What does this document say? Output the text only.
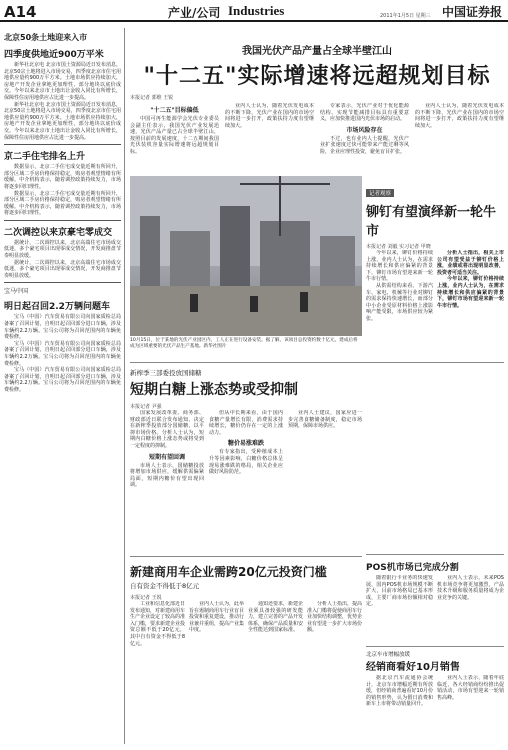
A14	产业/公司 Industries	2011年1月5日 星期三 中国证券报
北京50条土地迎来入市
四季度供地近900万平米

新华社北京电 北京市国土资源局近日发布消息，北京50宗土地将进入市场交易，四季度北京市住宅用地供应量约900万平方米。土地市场供应持续加大，房地产开发企业拿地更加理性，部分地块以底价成交。今年以来北京市土地出让金收入同比有所增长，保障性住房用地供应占比进一步提高。

新华社北京电 北京市国土资源局近日发布消息，北京50宗土地将进入市场交易，四季度北京市住宅用地供应量约900万平方米。土地市场供应持续加大，房地产开发企业拿地更加理性，部分地块以底价成交。今年以来北京市土地出让金收入同比有所增长，保障性住房用地供应占比进一步提高。

京二手住宅排名上升

数据显示，北京二手住宅成交量近期有所回升，部分区域二手房价格保持稳定，购房者观望情绪有所缓解。中介机构表示，随着调控政策持续发力，市场将逐步回归理性。

数据显示，北京二手住宅成交量近期有所回升，部分区域二手房价格保持稳定，购房者观望情绪有所缓解。中介机构表示，随着调控政策持续发力，市场将逐步回归理性。

二次调控以来京豪宅零成交

据统计，二次调控以来，北京高端住宅市场成交低迷，多个豪宅项目出现零成交情况，开发商推盘节奏明显放缓。

据统计，二次调控以来，北京高端住宅市场成交低迷，多个豪宅项目出现零成交情况，开发商推盘节奏明显放缓。

宝马中国
明日起召回2.2万辆问题车

宝马（中国）汽车贸易有限公司向国家质检总局备案了召回计划，自明日起召回部分进口车辆，涉及车辆约2.2万辆。宝马公司将为召回范围内的车辆免费检修。

宝马（中国）汽车贸易有限公司向国家质检总局备案了召回计划，自明日起召回部分进口车辆，涉及车辆约2.2万辆。宝马公司将为召回范围内的车辆免费检修。

宝马（中国）汽车贸易有限公司向国家质检总局备案了召回计划，自明日起召回部分进口车辆，涉及车辆约2.2万辆。宝马公司将为召回范围内的车辆免费检修。

我国光伏产品产量占全球半壁江山
"十二五"实际增速将远超规划目标
本报记者 郭维 王锐
"十二五"目标偏低

中国可再生能源学会光伏专业委员会副主任表示，我国光伏产业发展迅速，光伏产品产量已占全球半壁江山，按照目前的发展速度，十二五期间我国光伏装机容量实际增速将远超规划目标。

业内人士认为，随着光伏发电成本的不断下降，光伏产业在国内的市场空间将进一步打开，政策扶持力度有望继续加大。

专家表示，光伏产业对于优化能源结构、实现节能减排目标具有重要意义，应加快推进国内光伏市场的启动。

市场风险存在

不过，也有业内人士提醒，光伏产业扩张速度过快可能带来产能过剩等风险，企业应理性投资，避免盲目扩张。

业内人士认为，随着光伏发电成本的不断下降，光伏产业在国内的市场空间将进一步打开，政策扶持力度有望继续加大。

10月15日，位于某地的光伏产业园区内，工人正在进行设备安装。据了解，该项目总投资约数十亿元，建成后将成为区域重要的光伏产品生产基地。新华社图片
记者观察
铆钉有望演绎新一轮牛市
本报记者 刘毅 实习记者 甲晓

今年以来，铆钉价格持续上涨，业内人士认为，在需求持续增长和供应偏紧的背景下，铆钉市场有望迎来新一轮牛市行情。

从供需结构来看，下游汽车、家电、机械等行业对铆钉的需求保持快速增长，而部分中小企业受原材料价格上涨影响产能受限，市场供应较为紧张。

分析人士指出，相关上市公司有望受益于铆钉价格上涨，业绩或将出现明显改善，投资者可适当关注。

今年以来，铆钉价格持续上涨，业内人士认为，在需求持续增长和供应偏紧的背景下，铆钉市场有望迎来新一轮牛市行情。

新榨季三部委投放国储糖
短期白糖上涨态势或受抑制
本报记者 尹强

国家发展改革委、商务部、财政部近日联合发布通知，决定在新榨季投放部分国储糖，以平抑市场价格。分析人士认为，短期内白糖价格上涨态势或将受到一定程度的抑制。

短期有望回调

市场人士表示，国储糖投放将增加市场供应，缓解供需偏紧局面，短期内糖价有望出现回调。

但从中长期来看，由于国内食糖产量增长有限，消费需求持续增长，糖价仍存在一定的上涨动力。

糖价易涨难跌

有专家指出，受种植成本上升等因素影响，白糖价格总体呈现易涨难跌的格局，相关企业应做好风险防范。

业内人士建议，国家应进一步完善食糖储备制度，稳定市场预期，保障市场供应。

POS机市场已完成分割

随着银行卡业务的快速发展，国内POS机市场规模不断扩大，目前市场格局已基本形成，主要厂商市场份额相对稳定。

业内人士表示，未来POS机市场竞争将更加激烈，产品技术升级和服务质量将成为企业竞争的关键。

新建商用车企业需跨20亿元投资门槛
自有资金不得低于8亿元
本报记者 王锐

工业和信息化部近日发布通知，对新建商用车生产企业设定了较高的准入门槛，要求新建企业投资总额不低于20亿元，其中自有资金不得低于8亿元。

业内人士认为，此举旨在遏制商用车行业盲目投资和重复建设，推动行业兼并重组，提高产业集中度。

通知还要求，新建企业须具备较强的研发能力，建立完善的产品开发体系，确保产品质量和安全性能达到国家标准。

分析人士指出，提高准入门槛将促使商用车行业加快结构调整，优势企业有望进一步扩大市场份额。

北京车市增幅放缓
经销商看好10月销售

据北京汽车流通协会统计，北京车市增幅近期有所放缓，但经销商普遍看好10月份的销售形势，认为假日消费和新车上市将带动销量回升。

业内人士表示，随着年底临近，各大经销商纷纷推出促销活动，市场有望迎来一轮销售高峰。
